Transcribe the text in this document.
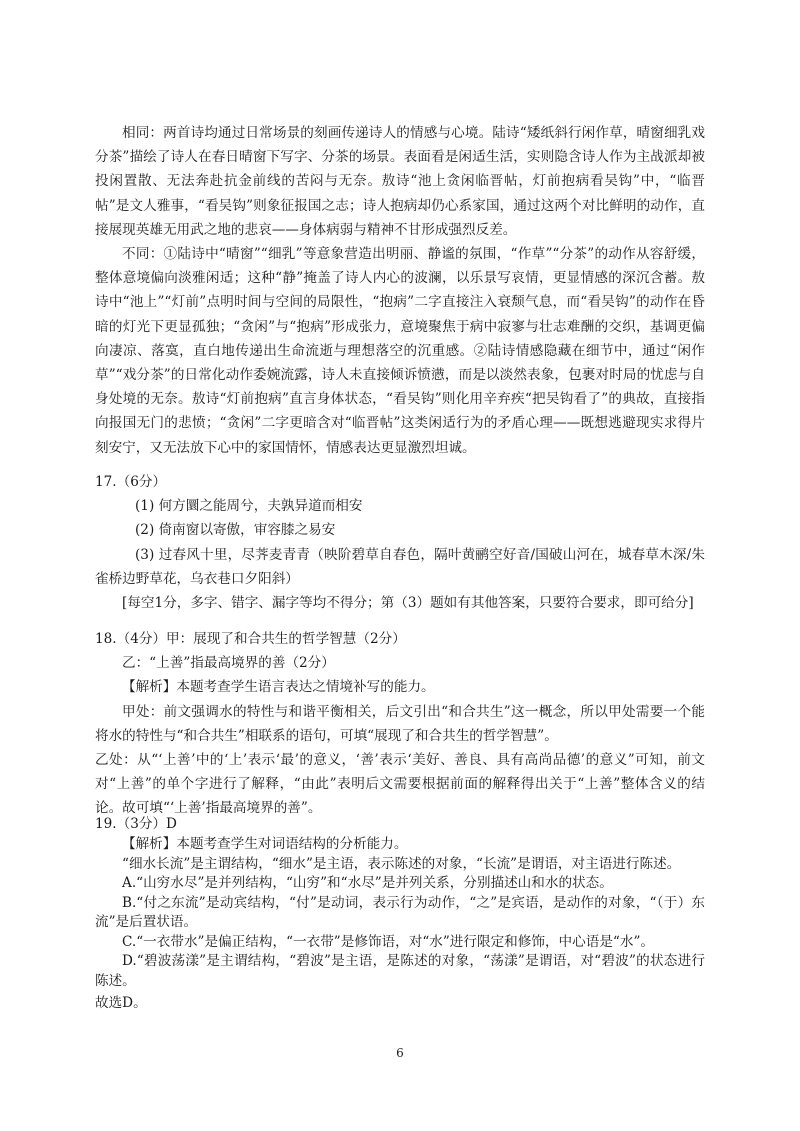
相同：两首诗均通过日常场景的刻画传递诗人的情感与心境。陆诗“矮纸斜行闲作草，晴窗细乳戏分茶”描绘了诗人在春日晴窗下写字、分茶的场景。表面看是闲适生活，实则隐含诗人作为主战派却被投闲置散、无法奔赴抗金前线的苦闷与无奈。敖诗“池上贪闲临晋帖，灯前抱病看吴钩”中，“临晋帖”是文人雅事，“看吴钩”则象征报国之志；诗人抱病却仍心系家国，通过这两个对比鲜明的动作，直接展现英雄无用武之地的悲哀——身体病弱与精神不甘形成强烈反差。

不同：①陆诗中“晴窗”“细乳”等意象营造出明丽、静谧的氛围，“作草”“分茶”的动作从容舒缓，整体意境偏向淡雅闲适；这种“静”掩盖了诗人内心的波澜，以乐景写哀情，更显情感的深沉含蓄。敖诗中“池上”“灯前”点明时间与空间的局限性，“抱病”二字直接注入衰颓气息，而“看吴钩”的动作在昏暗的灯光下更显孤独；“贪闲”与“抱病”形成张力，意境聚焦于病中寂寥与壮志难酬的交织，基调更偏向凄凉、落寞，直白地传递出生命流逝与理想落空的沉重感。②陆诗情感隐藏在细节中，通过“闲作草”“戏分茶”的日常化动作委婉流露，诗人未直接倾诉愤懑，而是以淡然表象，包裹对时局的忧虑与自身处境的无奈。敖诗“灯前抱病”直言身体状态，“看吴钩”则化用辛弃疾“把吴钩看了”的典故，直接指向报国无门的悲愤；“贪闲”二字更暗含对“临晋帖”这类闲适行为的矛盾心理——既想逃避现实求得片刻安宁，又无法放下心中的家国情怀，情感表达更显激烈坦诚。

17.（6分）

(1) 何方圜之能周兮，夫孰异道而相安

(2) 倚南窗以寄傲，审容膝之易安

(3) 过春风十里，尽荠麦青青（映阶碧草自春色，隔叶黄鹂空好音/国破山河在，城春草木深/朱雀桥边野草花，乌衣巷口夕阳斜）

[每空1分，多字、错字、漏字等均不得分；第（3）题如有其他答案，只要符合要求，即可给分]

18.（4分）甲：展现了和合共生的哲学智慧（2分）

乙：“上善”指最高境界的善（2分）

【解析】本题考查学生语言表达之情境补写的能力。

甲处：前文强调水的特性与和谐平衡相关，后文引出“和合共生”这一概念，所以甲处需要一个能将水的特性与“和合共生”相联系的语句，可填“展现了和合共生的哲学智慧”。

乙处：从“‘上善’中的‘上’表示‘最’的意义，‘善’表示‘美好、善良、具有高尚品德’的意义”可知，前文对“上善”的单个字进行了解释，“由此”表明后文需要根据前面的解释得出关于“上善”整体含义的结论。故可填“‘上善’指最高境界的善”。

19.（3分）D

【解析】本题考查学生对词语结构的分析能力。

“细水长流”是主谓结构，“细水”是主语，表示陈述的对象，“长流”是谓语，对主语进行陈述。

A.“山穷水尽”是并列结构，“山穷”和“水尽”是并列关系，分别描述山和水的状态。

B.“付之东流”是动宾结构，“付”是动词，表示行为动作，“之”是宾语，是动作的对象，“（于）东流”是后置状语。

C.“一衣带水”是偏正结构，“一衣带”是修饰语，对“水”进行限定和修饰，中心语是“水”。

D.“碧波荡漾”是主谓结构，“碧波”是主语，是陈述的对象，“荡漾”是谓语，对“碧波”的状态进行陈述。

故选D。

6
